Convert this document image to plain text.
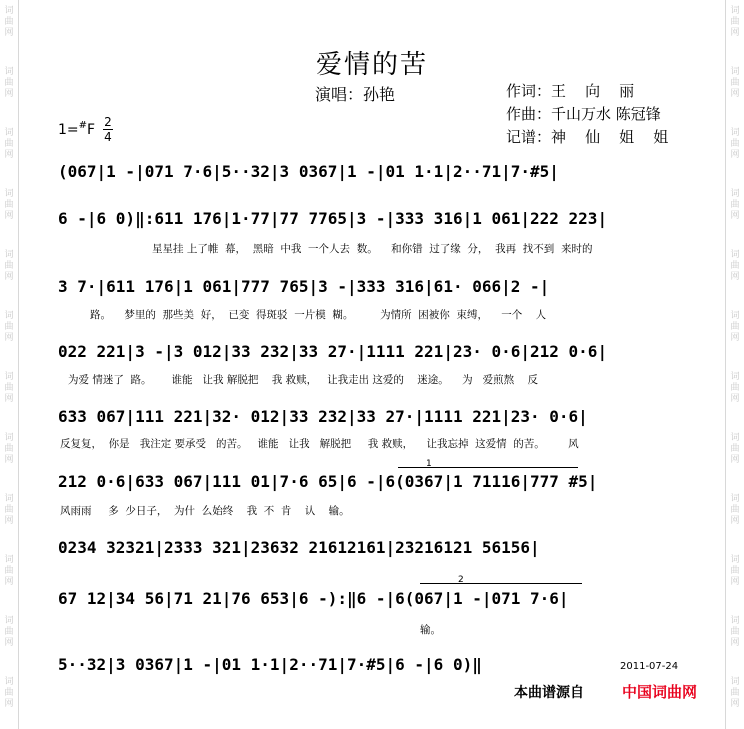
词
曲
网
词
曲
网
词
曲
网
词
曲
网
词
曲
网
词
曲
网
词
曲
网
词
曲
网
词
曲
网
词
曲
网
词
曲
网
词
曲
网
词
曲
网
词
曲
网
词
曲
网
词
曲
网
词
曲
网
词
曲
网
词
曲
网
词
曲
网
词
曲
网
词
曲
网
词
曲
网
词
曲
网
爱情的苦
演唱：孙艳	作词：王    向    丽
作曲：千山万水 陈冠锋
记谱：神    仙    姐    姐
1=#F 2
4
(067|1 -|071 7·6|5··32|3 0367|1 -|01 1·1|2··71|7·#5|
6 -|6 0)‖:611 176|1·77|77 7765|3 -|333 316|1 061|222 223|
星星挂 上了帷  幕，  黑暗  中我  一个人去  数。    和你错  过了缘  分，  我再  找不到  来时的
3 7·|611 176|1 061|777 765|3 -|333 316|61· 066|2 -|
路。    梦里的  那些美  好，  已变  得斑驳  一片模  糊。        为情所  困被你  束缚，    一个    人
022 221|3 -|3 012|33 232|33 27·|1111 221|23· 0·6|212 0·6|
为爱 情迷了  路。      谁能   让我 解脱把    我 救赎，   让我走出 这爱的    迷途。    为   爱煎熬    反
633 067|111 221|32· 012|33 232|33 27·|1111 221|23· 0·6|
反复复，  你是   我注定 要承受   的苦。   谁能   让我   解脱把     我 救赎，    让我忘掉  这爱情  的苦。       风
212 0·6|633 067|111 01|7·6 65|6 -|6(0367|1 71116|777 #5|
风雨雨     多  少日子，  为什  么始终    我  不  肯    认    输。
1
0234 32321|2333 321|23632 21612161|23216121 56156|
67 12|34 56|71 21|76 653|6 -):‖6 -|6(067|1 -|071 7·6|
2
输。
5··32|3 0367|1 -|01 1·1|2··71|7·#5|6 -|6 0)‖	2011-07-24
本曲谱源自	中国词曲网
